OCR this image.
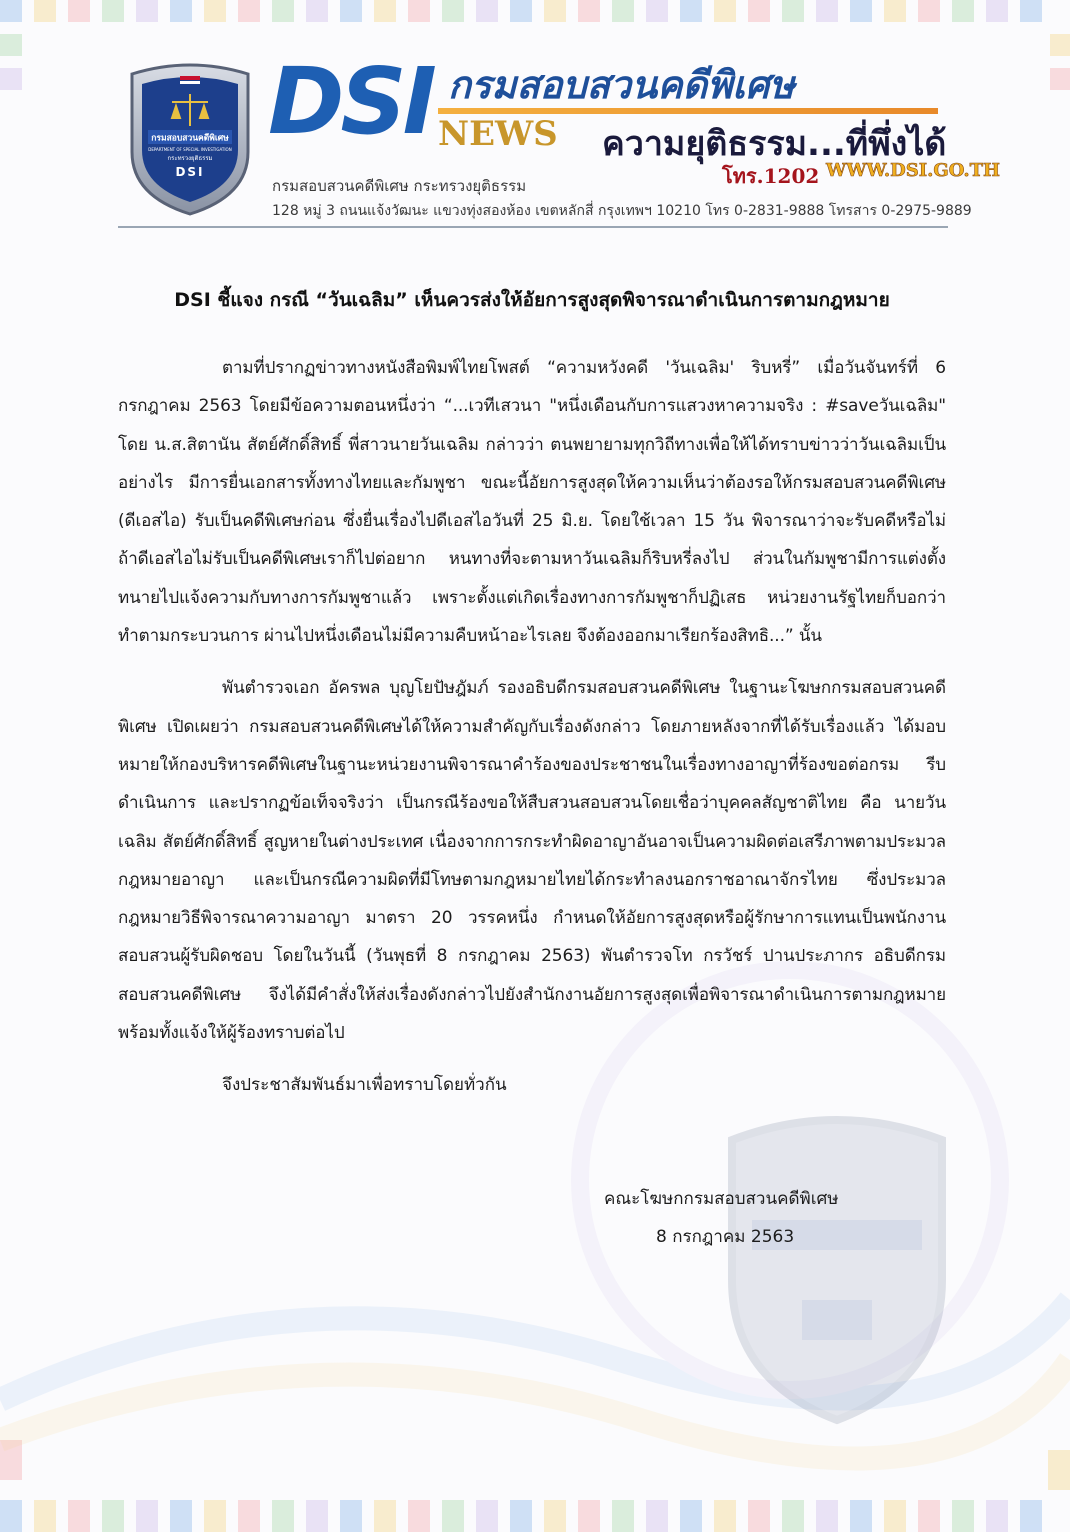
กรมสอบสวนคดีพิเศษ
DEPARTMENT OF SPECIAL INVESTIGATION
กระทรวงยุติธรรม
DSI
DSI กรมสอบสวนคดีพิเศษ
NEWS ความยุติธรรม...ที่พึ่งได้
โทร.1202 WWW.DSI.GO.TH
กรมสอบสวนคดีพิเศษ กระทรวงยุติธรรม
128 หมู่ 3 ถนนแจ้งวัฒนะ แขวงทุ่งสองห้อง เขตหลักสี่ กรุงเทพฯ 10210 โทร 0-2831-9888 โทรสาร 0-2975-9889
DSI ชี้แจง กรณี “วันเฉลิม” เห็นควรส่งให้อัยการสูงสุดพิจารณาดำเนินการตามกฎหมาย

ตามที่ปรากฏข่าวทางหนังสือพิมพ์ไทยโพสต์ “ความหวังคดี 'วันเฉลิม' ริบหรี่” เมื่อวันจันทร์ที่ 6 กรกฎาคม 2563 โดยมีข้อความตอนหนึ่งว่า “...เวทีเสวนา "หนึ่งเดือนกับการแสวงหาความจริง : #saveวันเฉลิม" โดย น.ส.สิตานัน สัตย์ศักดิ์สิทธิ์ พี่สาวนายวันเฉลิม กล่าวว่า ตนพยายามทุกวิถีทางเพื่อให้ได้ทราบข่าวว่าวันเฉลิมเป็นอย่างไร มีการยื่นเอกสารทั้งทางไทยและกัมพูชา ขณะนี้อัยการสูงสุดให้ความเห็นว่าต้องรอให้กรมสอบสวนคดีพิเศษ (ดีเอสไอ) รับเป็นคดีพิเศษก่อน ซึ่งยื่นเรื่องไปดีเอสไอวันที่ 25 มิ.ย. โดยใช้เวลา 15 วัน พิจารณาว่าจะรับคดีหรือไม่ ถ้าดีเอสไอไม่รับเป็นคดีพิเศษเราก็ไปต่อยาก หนทางที่จะตามหาวันเฉลิมก็ริบหรี่ลงไป ส่วนในกัมพูชามีการแต่งตั้งทนายไปแจ้งความกับทางการกัมพูชาแล้ว เพราะตั้งแต่เกิดเรื่องทางการกัมพูชาก็ปฏิเสธ หน่วยงานรัฐไทยก็บอกว่าทำตามกระบวนการ ผ่านไปหนึ่งเดือนไม่มีความคืบหน้าอะไรเลย จึงต้องออกมาเรียกร้องสิทธิ...” นั้น

พันตำรวจเอก อัครพล บุญโยปัษฎัมภ์ รองอธิบดีกรมสอบสวนคดีพิเศษ ในฐานะโฆษกกรมสอบสวนคดีพิเศษ เปิดเผยว่า กรมสอบสวนคดีพิเศษได้ให้ความสำคัญกับเรื่องดังกล่าว โดยภายหลังจากที่ได้รับเรื่องแล้ว ได้มอบหมายให้กองบริหารคดีพิเศษในฐานะหน่วยงานพิจารณาคำร้องของประชาชนในเรื่องทางอาญาที่ร้องขอต่อกรม รีบดำเนินการ และปรากฏข้อเท็จจริงว่า เป็นกรณีร้องขอให้สืบสวนสอบสวนโดยเชื่อว่าบุคคลสัญชาติไทย คือ นายวันเฉลิม สัตย์ศักดิ์สิทธิ์ สูญหายในต่างประเทศ เนื่องจากการกระทำผิดอาญาอันอาจเป็นความผิดต่อเสรีภาพตามประมวลกฎหมายอาญา และเป็นกรณีความผิดที่มีโทษตามกฎหมายไทยได้กระทำลงนอกราชอาณาจักรไทย ซึ่งประมวลกฎหมายวิธีพิจารณาความอาญา มาตรา 20 วรรคหนึ่ง กำหนดให้อัยการสูงสุดหรือผู้รักษาการแทนเป็นพนักงานสอบสวนผู้รับผิดชอบ โดยในวันนี้ (วันพุธที่ 8 กรกฎาคม 2563) พันตำรวจโท กรวัชร์ ปานประภากร อธิบดีกรมสอบสวนคดีพิเศษ จึงได้มีคำสั่งให้ส่งเรื่องดังกล่าวไปยังสำนักงานอัยการสูงสุดเพื่อพิจารณาดำเนินการตามกฎหมาย พร้อมทั้งแจ้งให้ผู้ร้องทราบต่อไป

จึงประชาสัมพันธ์มาเพื่อทราบโดยทั่วกัน

คณะโฆษกกรมสอบสวนคดีพิเศษ
8 กรกฎาคม 2563
